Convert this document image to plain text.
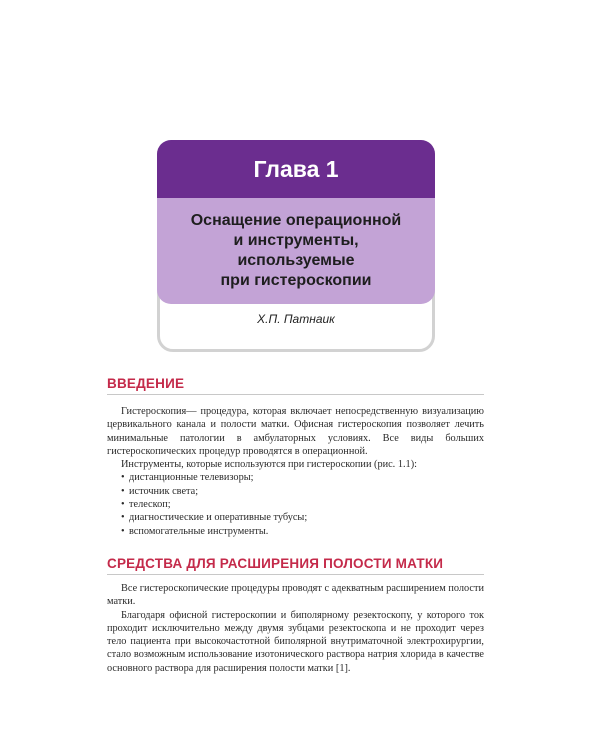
Глава 1
Оснащение операционной
и инструменты,
используемые
при гистероскопии
Х.П. Патнаик
ВВЕДЕНИЕ

Гистероскопия— процедура, которая включает непосредственную визуализацию цервикального канала и полости матки. Офисная гистероскопия позволяет лечить минимальные патологии в амбулаторных условиях. Все виды больших гистероскопических процедур проводятся в операционной.

Инструменты, которые используются при гистероскопии (рис. 1.1):

• дистанционные телевизоры;
• источник света;
• телескоп;
• диагностические и оперативные тубусы;
• вспомогательные инструменты.
СРЕДСТВА ДЛЯ РАСШИРЕНИЯ ПОЛОСТИ МАТКИ

Все гистероскопические процедуры проводят с адекватным расширением полости матки.

Благодаря офисной гистероскопии и биполярному резектоскопу, у которого ток проходит исключительно между двумя зубцами резектоскопа и не проходит через тело пациента при высокочастотной биполярной внутриматочной электрохирургии, стало возможным использование изотонического раствора натрия хлорида в качестве основного раствора для расширения полости матки [1].
